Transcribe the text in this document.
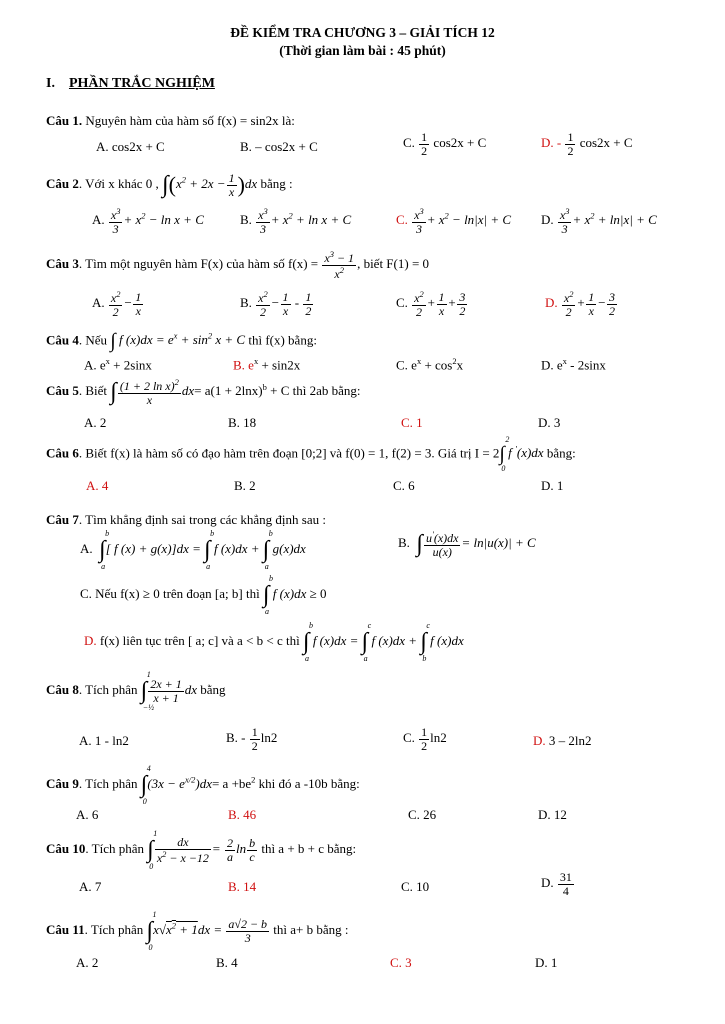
ĐỀ KIỂM TRA CHƯƠNG 3 – GIẢI TÍCH 12
(Thời gian làm bài : 45 phút)
I. PHẦN TRẮC NGHIỆM
Câu 1. Nguyên hàm của hàm số f(x) = sin2x là:
A. cos2x + C	B. – cos2x + C	C. $\frac{1}{2} \cos 2x + C$	D. - $\frac{1}{2} \cos 2x + C$
Câu 2. Với x khác 0 , $\int(x^2 + 2x - \frac{1}{x} )dx$ bằng :
A. $\frac{x^3}{3} + x^2 - \ln x + C$	B. $\frac{x^3}{3} + x^2 + \ln x + C$	C. $\frac{x^3}{3} + x^2 - \ln|x| + C$ D. $\frac{x^3}{3} + x^2 + \ln|x| + C$
Câu 3. Tìm một nguyên hàm F(x) của hàm số $f(x) = \frac{x^3 - 1}{x^2}$ , biết F(1) = 0
A. $\frac{x^2}{2} - \frac{1}{x}$	B. $\frac{x^2}{2} - \frac{1}{x} - \frac{1}{2}$	C. $\frac{x^2}{2} + \frac{1}{x} + \frac{3}{2}$	D. $\frac{x^2}{2} + \frac{1}{x} - \frac{3}{2}$
Câu 4. Nếu ∫ f $(x)dx = e^x + \sin^2 x + C$ thì f(x) bằng:
A. $e^x + 2\sin x$	B. $e^x + \sin 2x$	C. $e^x + \cos^2x$	D. $e^x - 2\sin x$
Câu 5. Biết ∫ $\frac{(1 + 2 \ln x)^2}{x} dx= a(1 + 2\ln x)^b + C$ thì 2ab bằng:
A. 2	B. 18	C. 1	D. 3
Câu 6. Biết f(x) là hàm số có đạo hàm trên đoạn [0;2] và f(0) = 1, f(2) = 3. Giá trị I = 2
2
∫
0
f '(x)dx bằng:
A. 4	B. 2	C. 6	D. 1
Câu 7. Tìm khẳng định sai trong các khẳng định sau :
A.
b
∫
a
[ f (x) + g(x)]dx =
b
∫
a
f (x)dx +
b
∫
a
g(x)dx	B. ∫ $\frac{u'(x)dx}{u(x)} = \ln|u(x)| + C$
C. Nếu f(x) ≥ 0 trên đoạn [a; b] thì
b
∫
a
f (x)dx ≥ 0
D. f(x) liên tục trên [ a; c] và a < b < c thì
b
∫
a
f (x)dx =
c
∫
a
f (x)dx +
c
∫
b
f (x)dx
Câu 8. Tích phân
1
∫
−½
$\frac{2x + 1}{x + 1}$ dx bằng
A. 1 - ln2	B. - $\frac{1}{2} \ln 2$	C. $\frac{1}{2} \ln 2$	D. 3 – 2ln2
Câu 9. Tích phân
4
∫
0
$(3x - e^{x/2})dx= a +be^2$ khi đó a -10b bằng:
A. 6	B. 46	C. 26	D. 12
Câu 10. Tích phân
1
∫
0
$\frac{dx}{x^2 - x -12} = \frac{2}{a}$ $\ln \frac{b}{c}$ thì a + b + c bằng:
A. 7	B. 14	C. 10	D. $\frac{31}{4}$
Câu 11. Tích phân
1
∫
0
$x√x^2 + 1dx = \frac{a√2 - b}{3}$ thì a+ b bằng :
A. 2	B. 4	C. 3	D. 1
